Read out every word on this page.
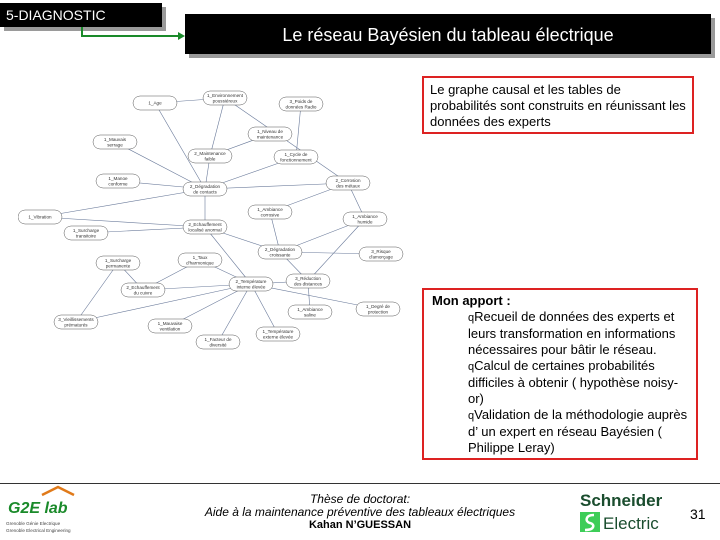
5-DIAGNOSTIC
Le réseau Bayésien du tableau électrique
1_Age
1_Environnement
poussiéreux	3_Poids de
données Radio
1_Mauvais
serrage
1_Niveau de
maintenance
2_Maintenance
faible
1_Cycle de
fonctionnement
1_Manoe
conforme
2_Corrosion
des métaux
2_Dégradation
de contacts
1_Vibration
1_Ambiance
corrosive	1_Ambiance
humide
1_Surcharge
transitoire
2_Echauffement
localisé anormal
2_Dégradation
croissante
3_Risque
d'amorçage
1_Surcharge
permanente
1_Taux
d'harmonique
3_Réduction
des distances
2_Echauffement
du cuivre
2_Température
interne élevée
1_Degré de
protection
3_Vieillissements
prématurés
1_Ambiance
saline
1_Mauvaise
ventilation	1_Température
externe élevée
1_Facteur de
diversité
Le graphe causal et les tables de probabilités sont construits en réunissant les données des experts
Mon apport :
qRecueil de données des experts et leurs transformation en informations nécessaires pour bâtir le réseau.
qCalcul de certaines probabilités difficiles à obtenir ( hypothèse noisy-or)
qValidation de la méthodologie auprès d’ un expert en réseau Bayésien ( Philippe Leray)
G2E lab
Grenoble Génie Electrique
Grenoble Electrical Engineering
Thèse de doctorat:
Aide à la maintenance préventive des tableaux électriques
Kahan N’GUESSAN
Schneider
Electric 31
